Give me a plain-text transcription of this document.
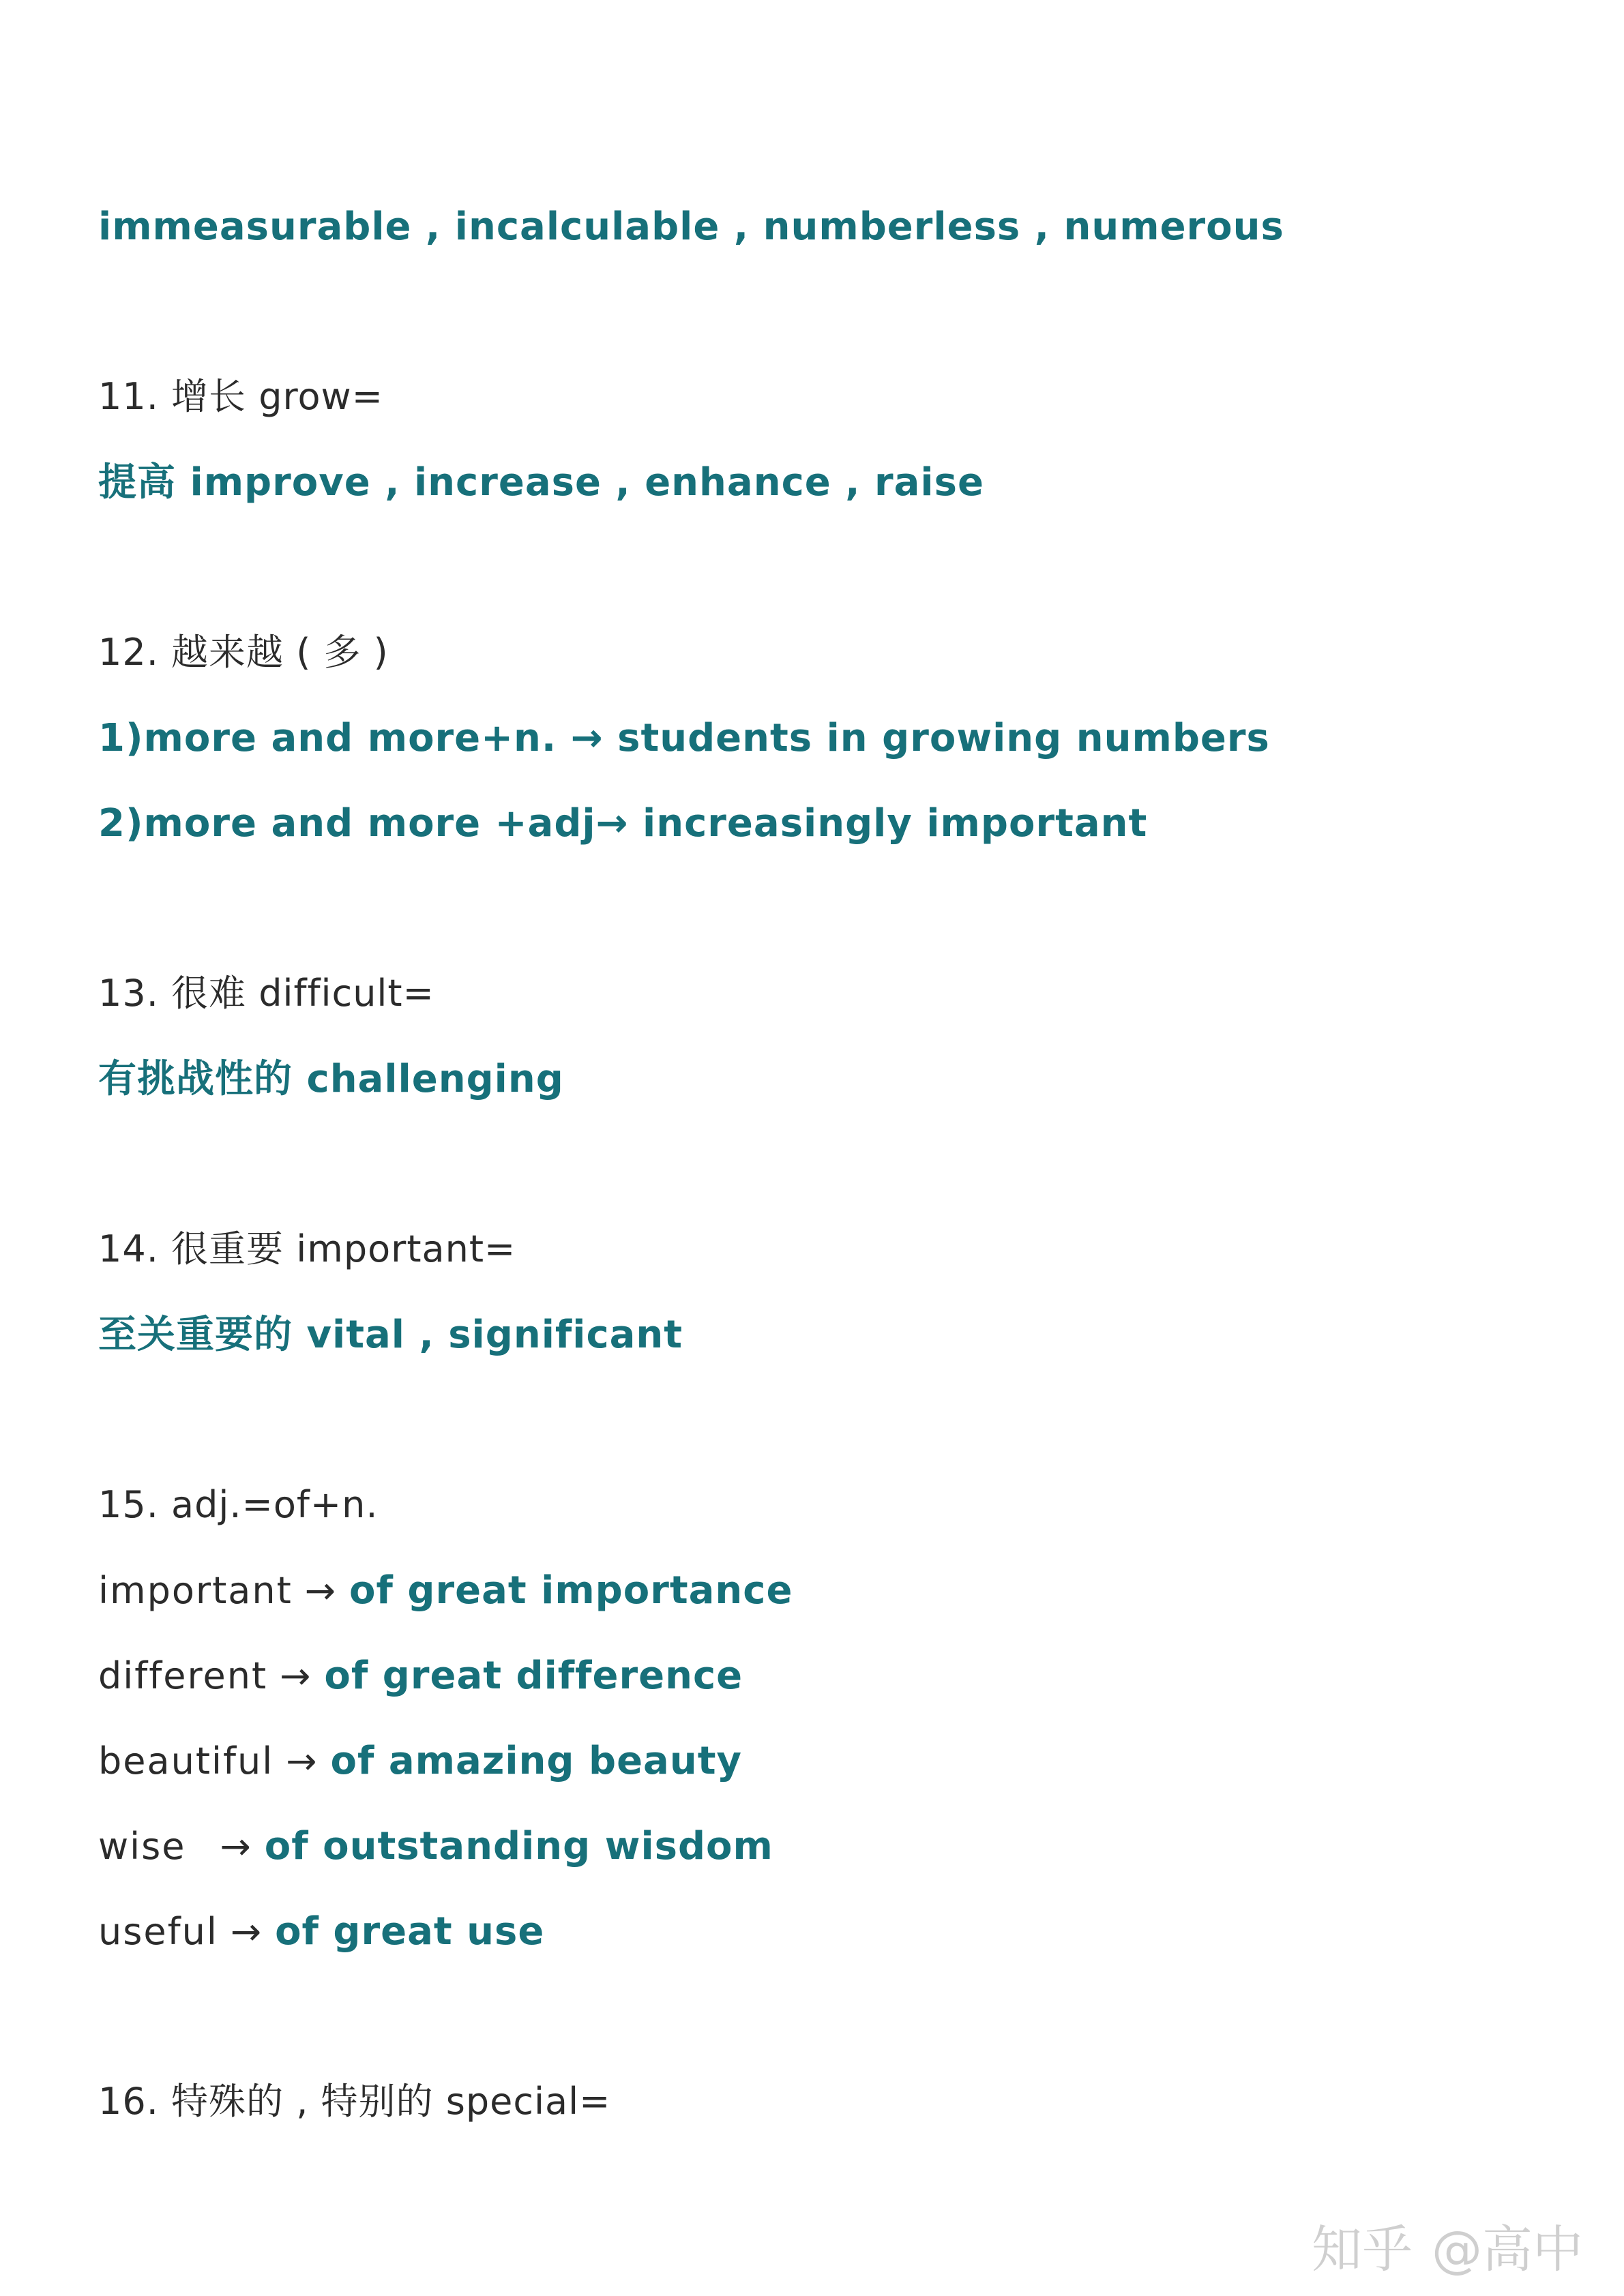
immeasurable , incalculable , numberless , numerous
11. 增长 grow=
提高 improve , increase , enhance , raise
12. 越来越 ( 多 )
1)more and more+n. → students in growing numbers
2)more and more +adj→ increasingly important
13. 很难 difficult=
有挑战性的 challenging
14. 很重要 important=
至关重要的 vital , significant
15. adj.=of+n.
important → of great importance
different → of great difference
beautiful → of amazing beauty
wise → of outstanding wisdom
useful → of great use
16. 特殊的 , 特别的 special=
知乎 @高中
